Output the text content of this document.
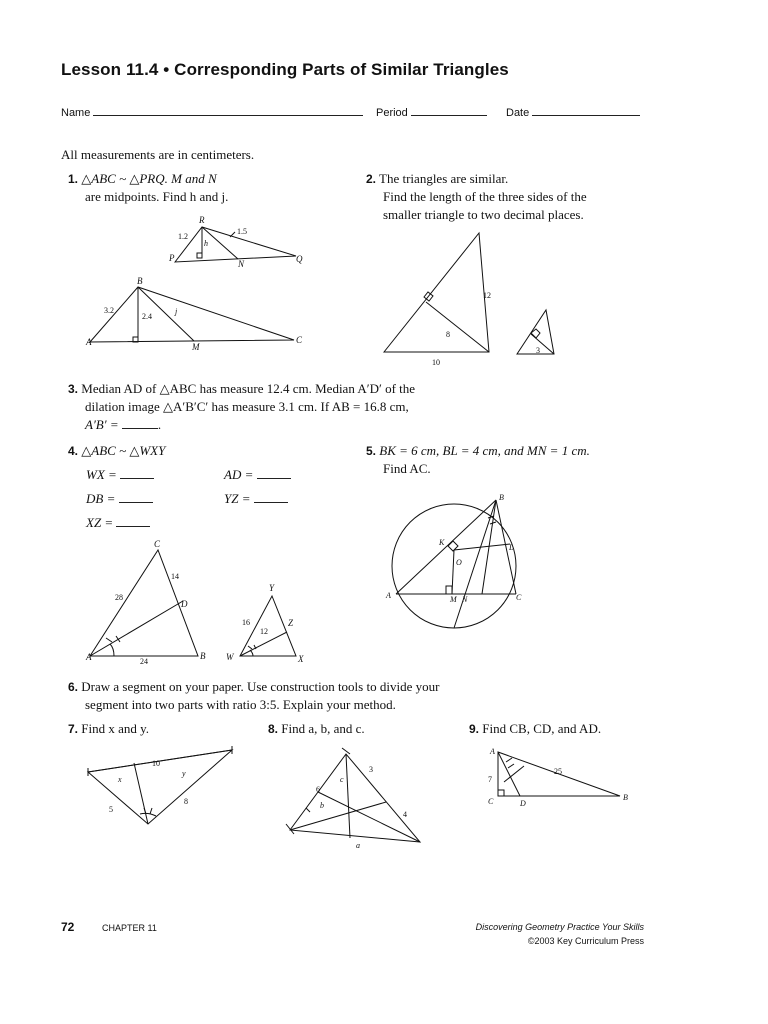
Lesson 11.4 • Corresponding Parts of Similar Triangles
Name	Period	Date
All measurements are in centimeters.
1. △ABC ~ △PRQ. M and N
are midpoints. Find h and j.
2. The triangles are similar.
Find the length of the three sides of the
smaller triangle to two decimal places.
R
P
N	Q
h
1.2
1.5
B
A	M
C
3.2
2.4
j
12
8
10
3
3. Median AD of △ABC has measure 12.4 cm. Median A′D′ of the
dilation image △A′B′C′ has measure 3.1 cm. If AB = 16.8 cm,
A′B′ =	.
4. △ABC ~ △WXY
WX =
DB =
XZ =
AD =
YZ =
5. BK = 6 cm, BL = 4 cm, and MN = 1 cm.
Find AC.
C
A	B
D
28
14
24
Y
W	X
Z
16
12
B
K
L
O
A	M N	C
6. Draw a segment on your paper. Use construction tools to divide your
segment into two parts with ratio 3:5. Explain your method.
7. Find x and y.	8. Find a, b, and c.	9. Find CB, CD, and AD.
10
x
y
5
8
6
c
3
b
4
a
A
7
25
C	D
B
72	CHAPTER 11	Discovering Geometry Practice Your Skills
©2003 Key Curriculum Press
